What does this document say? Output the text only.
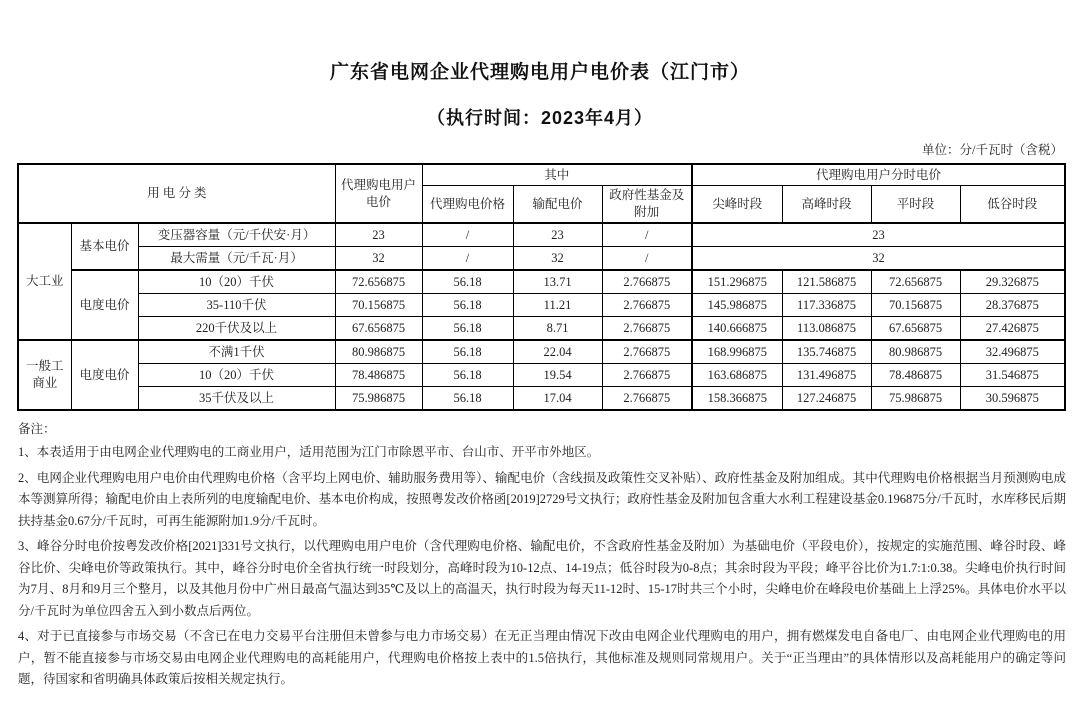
广东省电网企业代理购电用户电价表（江门市）
（执行时间：2023年4月）
单位：分/千瓦时（含税）
用 电 分 类			代理购电用户电价	其中			代理购电用户分时电价			
				代理购电价格	输配电价	政府性基金及附加	尖峰时段	高峰时段	平时段	低谷时段
大工业	基本电价	变压器容量（元/千伏安·月）	23	/	23	/	23			
		最大需量（元/千瓦·月）	32	/	32	/	32			
	电度电价	10（20）千伏	72.656875	56.18	13.71	2.766875	151.296875	121.586875	72.656875	29.326875
		35-110千伏	70.156875	56.18	11.21	2.766875	145.986875	117.336875	70.156875	28.376875
		220千伏及以上	67.656875	56.18	8.71	2.766875	140.666875	113.086875	67.656875	27.426875
一般工商业	电度电价	不满1千伏	80.986875	56.18	22.04	2.766875	168.996875	135.746875	80.986875	32.496875
		10（20）千伏	78.486875	56.18	19.54	2.766875	163.686875	131.496875	78.486875	31.546875
		35千伏及以上	75.986875	56.18	17.04	2.766875	158.366875	127.246875	75.986875	30.596875
备注：

1、本表适用于由电网企业代理购电的工商业用户，适用范围为江门市除恩平市、台山市、开平市外地区。

2、电网企业代理购电用户电价由代理购电价格（含平均上网电价、辅助服务费用等）、输配电价（含线损及政策性交叉补贴）、政府性基金及附加组成。其中代理购电价格根据当月预测购电成本等测算所得；输配电价由上表所列的电度输配电价、基本电价构成，按照粤发改价格函[2019]2729号文执行；政府性基金及附加包含重大水利工程建设基金0.196875分/千瓦时，水库移民后期扶持基金0.67分/千瓦时，可再生能源附加1.9分/千瓦时。

3、峰谷分时电价按粤发改价格[2021]331号文执行，以代理购电用户电价（含代理购电价格、输配电价，不含政府性基金及附加）为基础电价（平段电价），按规定的实施范围、峰谷时段、峰谷比价、尖峰电价等政策执行。其中，峰谷分时电价全省执行统一时段划分，高峰时段为10-12点、14-19点；低谷时段为0-8点；其余时段为平段；峰平谷比价为1.7:1:0.38。尖峰电价执行时间为7月、8月和9月三个整月，以及其他月份中广州日最高气温达到35℃及以上的高温天，执行时段为每天11-12时、15-17时共三个小时，尖峰电价在峰段电价基础上上浮25%。具体电价水平以分/千瓦时为单位四舍五入到小数点后两位。

4、对于已直接参与市场交易（不含已在电力交易平台注册但未曾参与电力市场交易）在无正当理由情况下改由电网企业代理购电的用户，拥有燃煤发电自备电厂、由电网企业代理购电的用户，暂不能直接参与市场交易由电网企业代理购电的高耗能用户，代理购电价格按上表中的1.5倍执行，其他标准及规则同常规用户。关于“正当理由”的具体情形以及高耗能用户的确定等问题，待国家和省明确具体政策后按相关规定执行。
